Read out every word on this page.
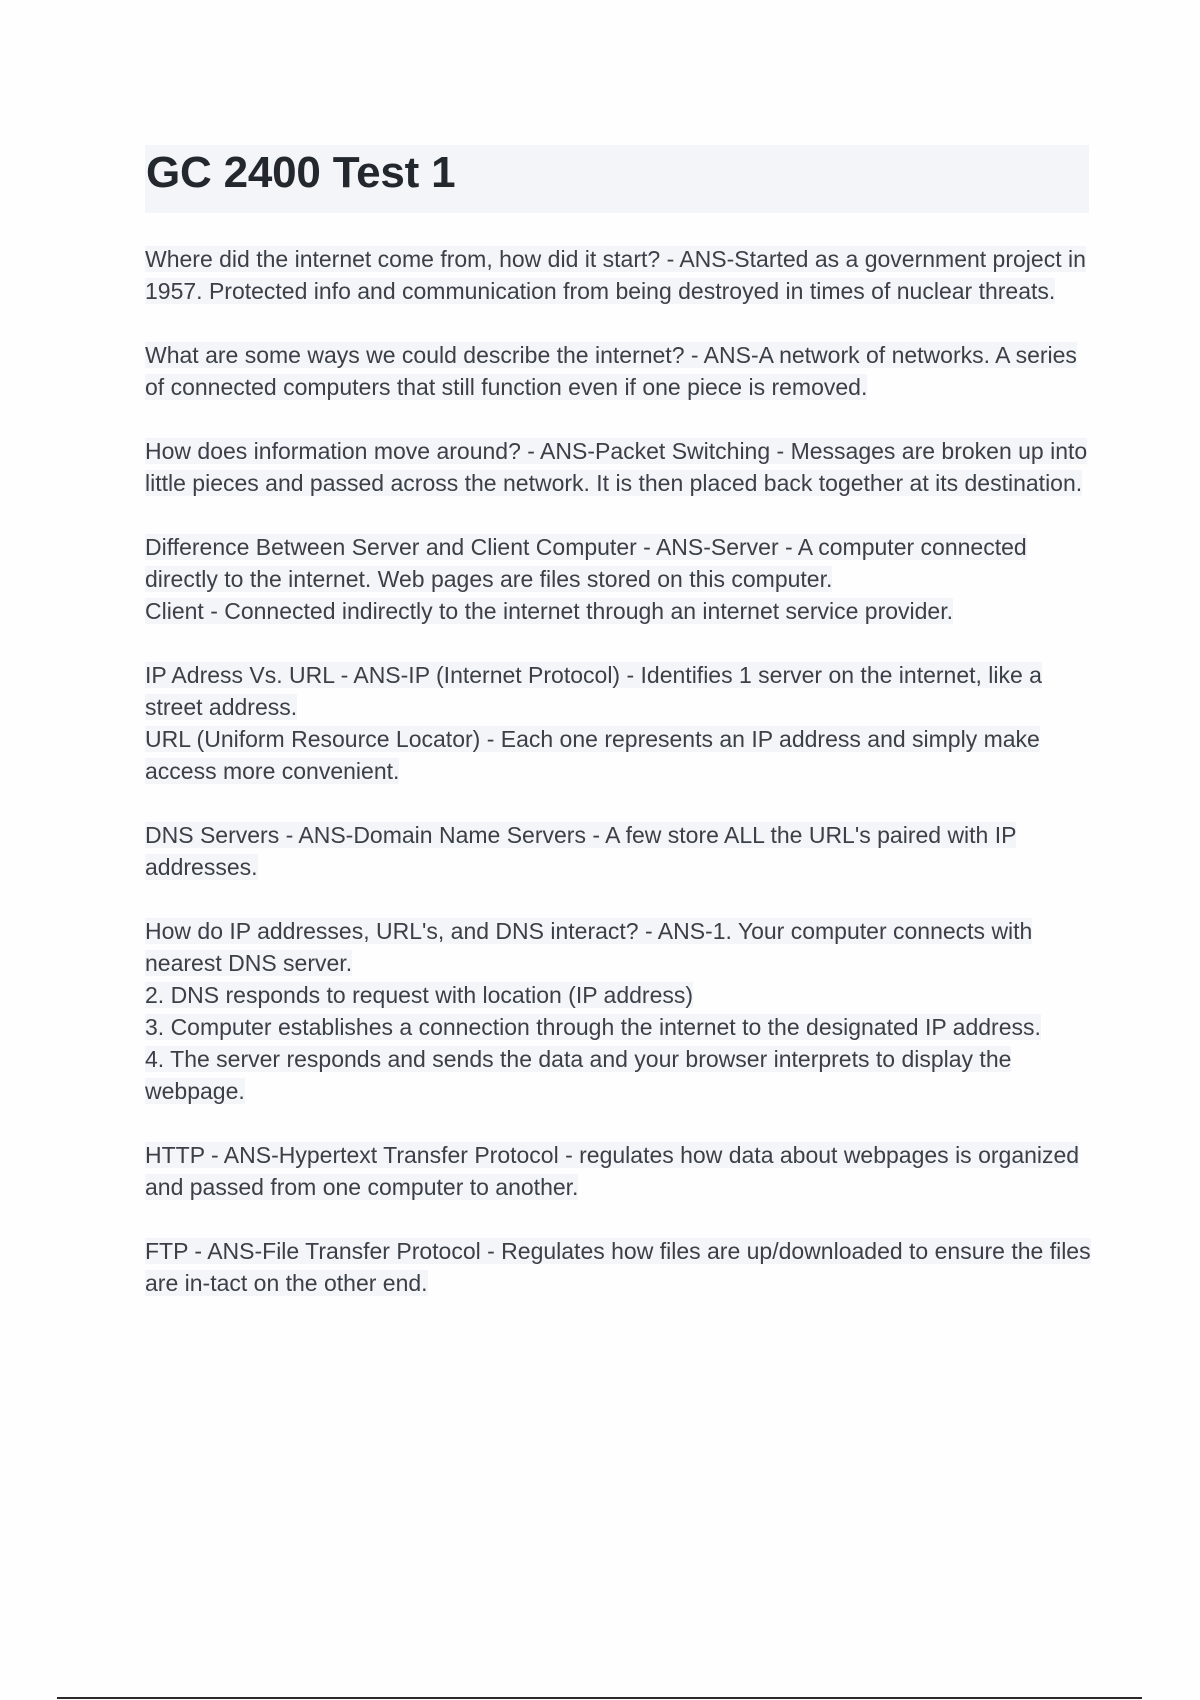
GC 2400 Test 1

Where did the internet come from, how did it start? - ANS-Started as a government project in 1957. Protected info and communication from being destroyed in times of nuclear threats.

What are some ways we could describe the internet? - ANS-A network of networks. A series of connected computers that still function even if one piece is removed.

How does information move around? - ANS-Packet Switching - Messages are broken up into little pieces and passed across the network. It is then placed back together at its destination.

Difference Between Server and Client Computer - ANS-Server - A computer connected directly to the internet. Web pages are files stored on this computer.
Client - Connected indirectly to the internet through an internet service provider.

IP Adress Vs. URL - ANS-IP (Internet Protocol) - Identifies 1 server on the internet, like a street address.
URL (Uniform Resource Locator) - Each one represents an IP address and simply make access more convenient.

DNS Servers - ANS-Domain Name Servers - A few store ALL the URL's paired with IP addresses.

How do IP addresses, URL's, and DNS interact? - ANS-1. Your computer connects with nearest DNS server.
2. DNS responds to request with location (IP address)
3. Computer establishes a connection through the internet to the designated IP address.
4. The server responds and sends the data and your browser interprets to display the webpage.

HTTP - ANS-Hypertext Transfer Protocol - regulates how data about webpages is organized and passed from one computer to another.

FTP - ANS-File Transfer Protocol - Regulates how files are up/downloaded to ensure the files are in-tact on the other end.
